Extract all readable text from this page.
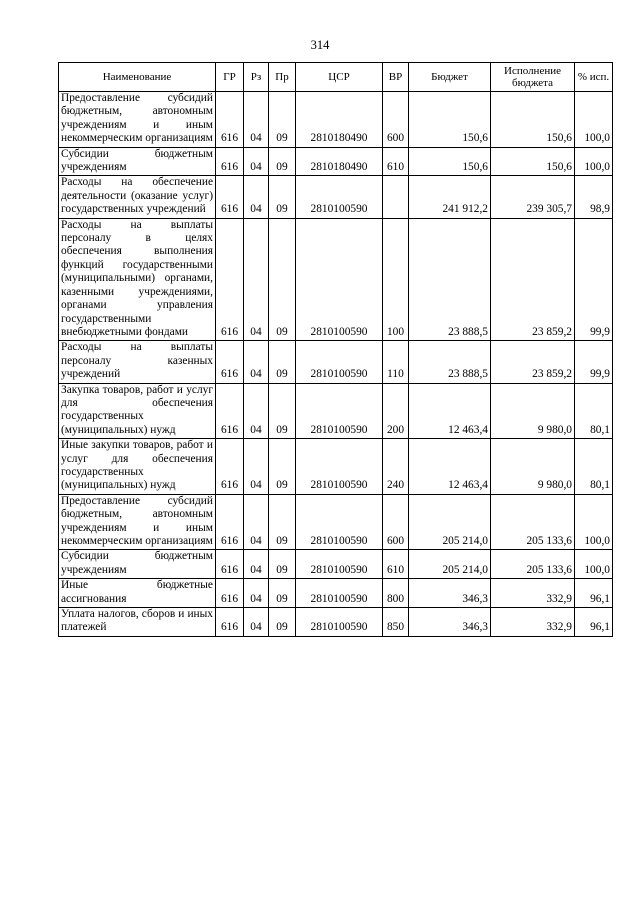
314
Наименование	ГР	Рз	Пр	ЦСР	ВР	Бюджет	Исполнение бюджета	% исп.
Предоставление субсидий бюджетным, автономным учреждениям и иным некоммерческим организациям	616	04	09	2810180490	600	150,6	150,6	100,0
Субсидии бюджетным учреждениям	616	04	09	2810180490	610	150,6	150,6	100,0
Расходы на обеспечение деятельности (оказание услуг) государственных учреждений	616	04	09	2810100590		241 912,2	239 305,7	98,9
Расходы на выплаты персоналу в целях обеспечения выполнения функций государственными (муниципальными) органами, казенными учреждениями, органами управления государственными внебюджетными фондами	616	04	09	2810100590	100	23 888,5	23 859,2	99,9
Расходы на выплаты персоналу казенных учреждений	616	04	09	2810100590	110	23 888,5	23 859,2	99,9
Закупка товаров, работ и услуг для обеспечения государственных (муниципальных) нужд	616	04	09	2810100590	200	12 463,4	9 980,0	80,1
Иные закупки товаров, работ и услуг для обеспечения государственных (муниципальных) нужд	616	04	09	2810100590	240	12 463,4	9 980,0	80,1
Предоставление субсидий бюджетным, автономным учреждениям и иным некоммерческим организациям	616	04	09	2810100590	600	205 214,0	205 133,6	100,0
Субсидии бюджетным учреждениям	616	04	09	2810100590	610	205 214,0	205 133,6	100,0
Иные бюджетные ассигнования	616	04	09	2810100590	800	346,3	332,9	96,1
Уплата налогов, сборов и иных платежей	616	04	09	2810100590	850	346,3	332,9	96,1
